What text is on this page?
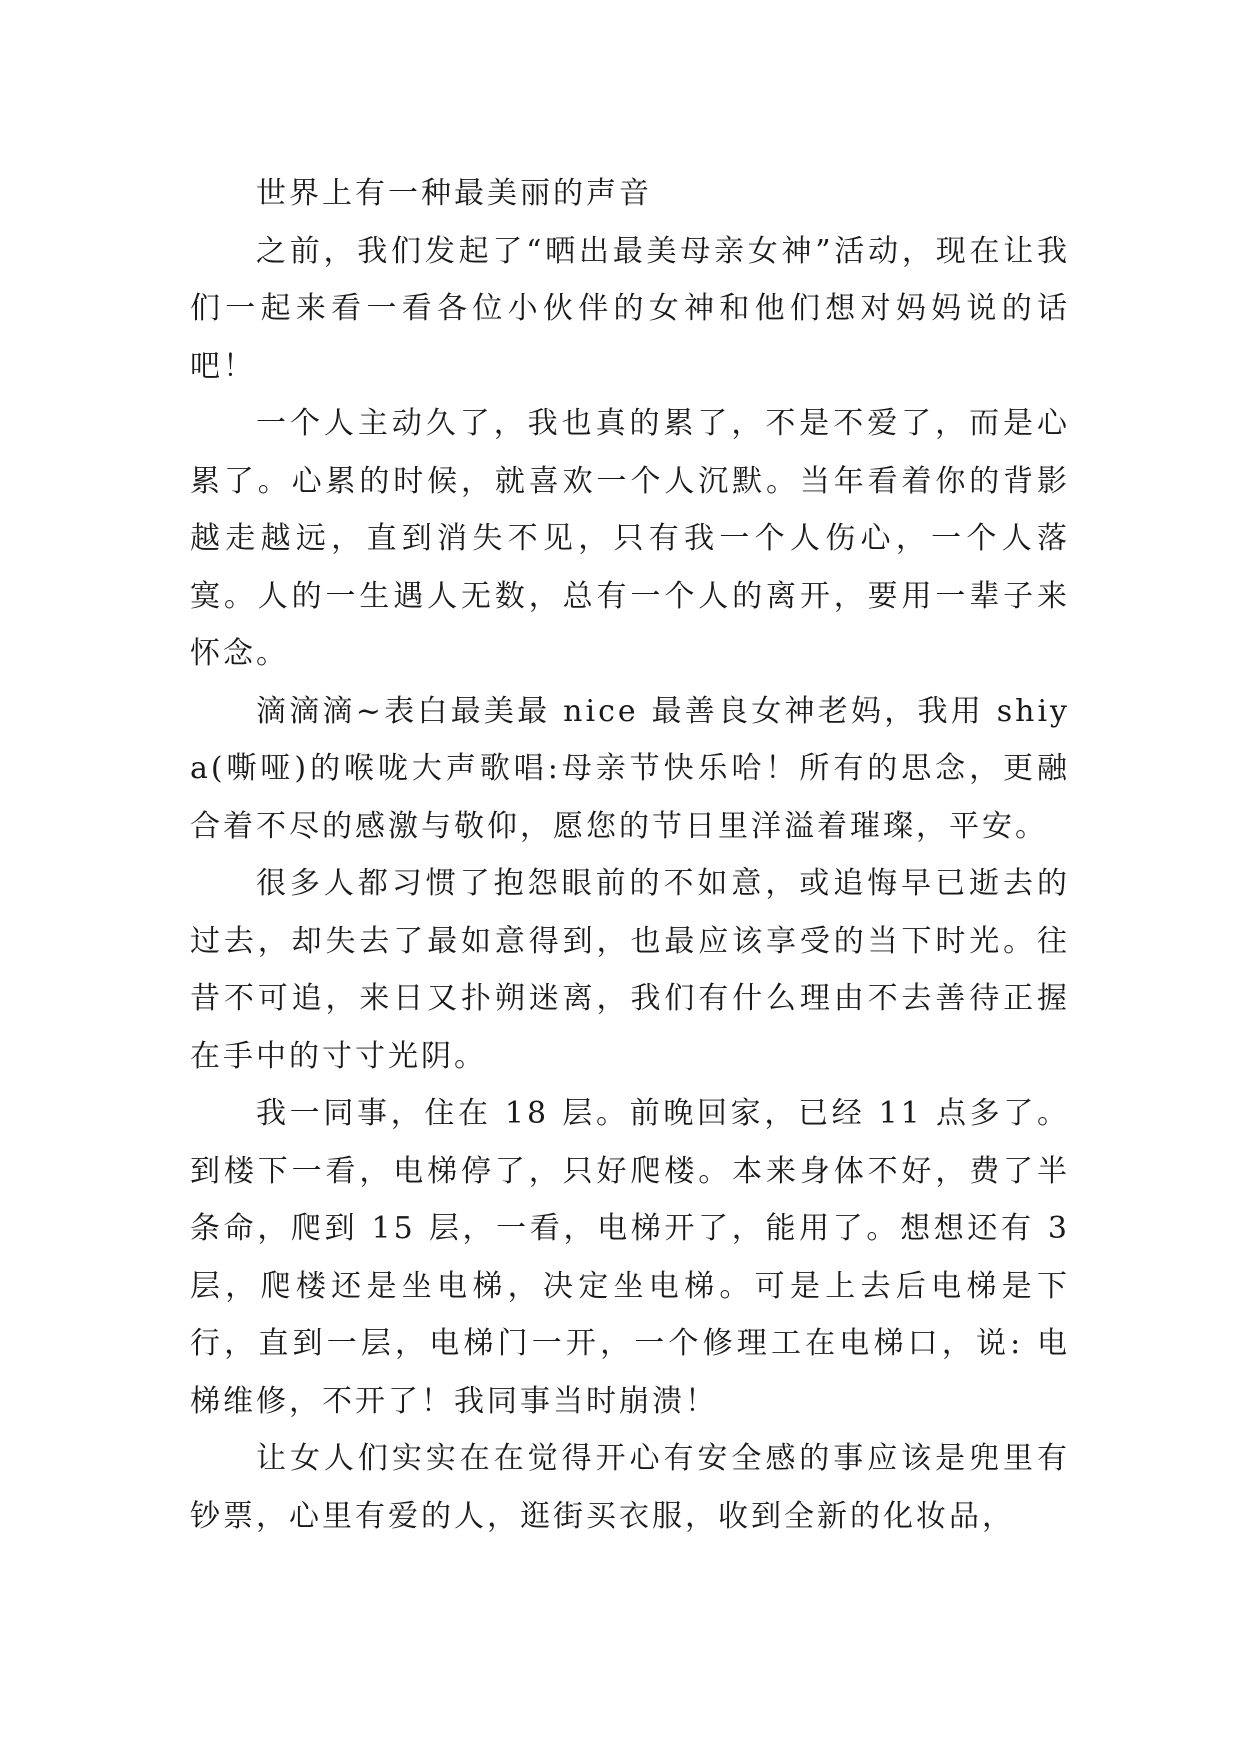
世界上有一种最美丽的声音

之前，我们发起了“晒出最美母亲女神”活动，现在让我们一起来看一看各位小伙伴的女神和他们想对妈妈说的话吧！

一个人主动久了，我也真的累了，不是不爱了，而是心累了。心累的时候，就喜欢一个人沉默。当年看着你的背影越走越远，直到消失不见，只有我一个人伤心，一个人落寞。人的一生遇人无数，总有一个人的离开，要用一辈子来怀念。

滴滴滴~表白最美最 nice 最善良女神老妈，我用 shiya(嘶哑)的喉咙大声歌唱:母亲节快乐哈！所有的思念，更融合着不尽的感激与敬仰，愿您的节日里洋溢着璀璨，平安。

很多人都习惯了抱怨眼前的不如意，或追悔早已逝去的过去，却失去了最如意得到，也最应该享受的当下时光。往昔不可追，来日又扑朔迷离，我们有什么理由不去善待正握在手中的寸寸光阴。

我一同事，住在 18 层。前晚回家，已经 11 点多了。到楼下一看，电梯停了，只好爬楼。本来身体不好，费了半条命，爬到 15 层，一看，电梯开了，能用了。想想还有 3 层，爬楼还是坐电梯，决定坐电梯。可是上去后电梯是下行，直到一层，电梯门一开，一个修理工在电梯口，说: 电梯维修，不开了！我同事当时崩溃！

让女人们实实在在觉得开心有安全感的事应该是兜里有钞票，心里有爱的人，逛街买衣服，收到全新的化妆品，
